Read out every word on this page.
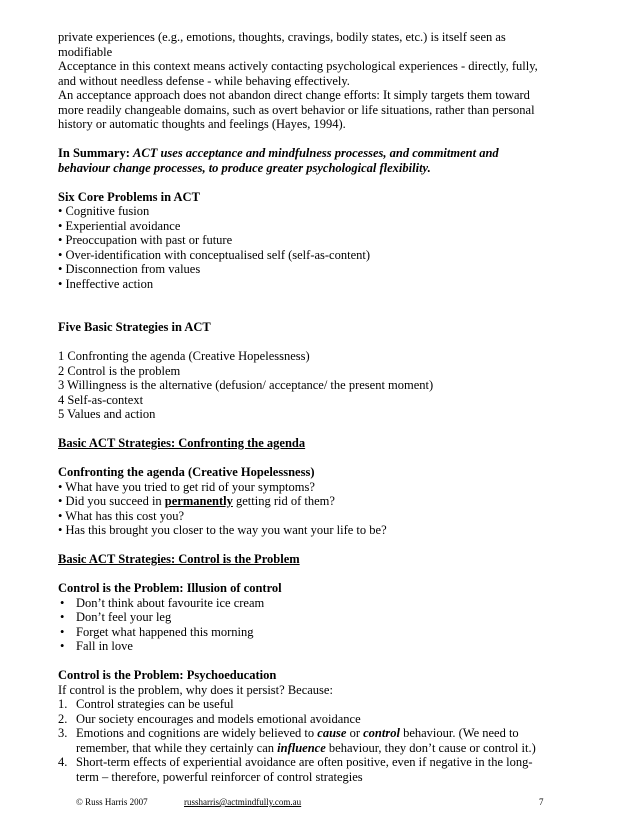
private experiences (e.g., emotions, thoughts, cravings, bodily states, etc.) is itself seen as

modifiable

Acceptance in this context means actively contacting psychological experiences - directly, fully,

and without needless defense - while behaving effectively.

An acceptance approach does not abandon direct change efforts: It simply targets them toward

more readily changeable domains, such as overt behavior or life situations, rather than personal

history or automatic thoughts and feelings (Hayes, 1994).

In Summary: ACT uses acceptance and mindfulness processes, and commitment and

behaviour change processes, to produce greater psychological flexibility.

Six Core Problems in ACT

• Cognitive fusion

• Experiential avoidance

• Preoccupation with past or future

• Over-identification with conceptualised self (self-as-content)

• Disconnection from values

• Ineffective action

Five Basic Strategies in ACT

1 Confronting the agenda (Creative Hopelessness)

2 Control is the problem

3 Willingness is the alternative (defusion/ acceptance/ the present moment)

4 Self-as-context

5 Values and action

Basic ACT Strategies: Confronting the agenda

Confronting the agenda (Creative Hopelessness)

• What have you tried to get rid of your symptoms?

• Did you succeed in permanently getting rid of them?

• What has this cost you?

• Has this brought you closer to the way you want your life to be?

Basic ACT Strategies: Control is the Problem

Control is the Problem: Illusion of control

• Don’t think about favourite ice cream
• Don’t feel your leg
• Forget what happened this morning
• Fall in love

Control is the Problem: Psychoeducation

If control is the problem, why does it persist? Because:

1. Control strategies can be useful
2. Our society encourages and models emotional avoidance
3. Emotions and cognitions are widely believed to cause or control behaviour. (We need to
remember, that while they certainly can influence behaviour, they don’t cause or control it.)
4. Short-term effects of experiential avoidance are often positive, even if negative in the long-
term – therefore, powerful reinforcer of control strategies
© Russ Harris 2007	russharris@actmindfully.com.au	7
